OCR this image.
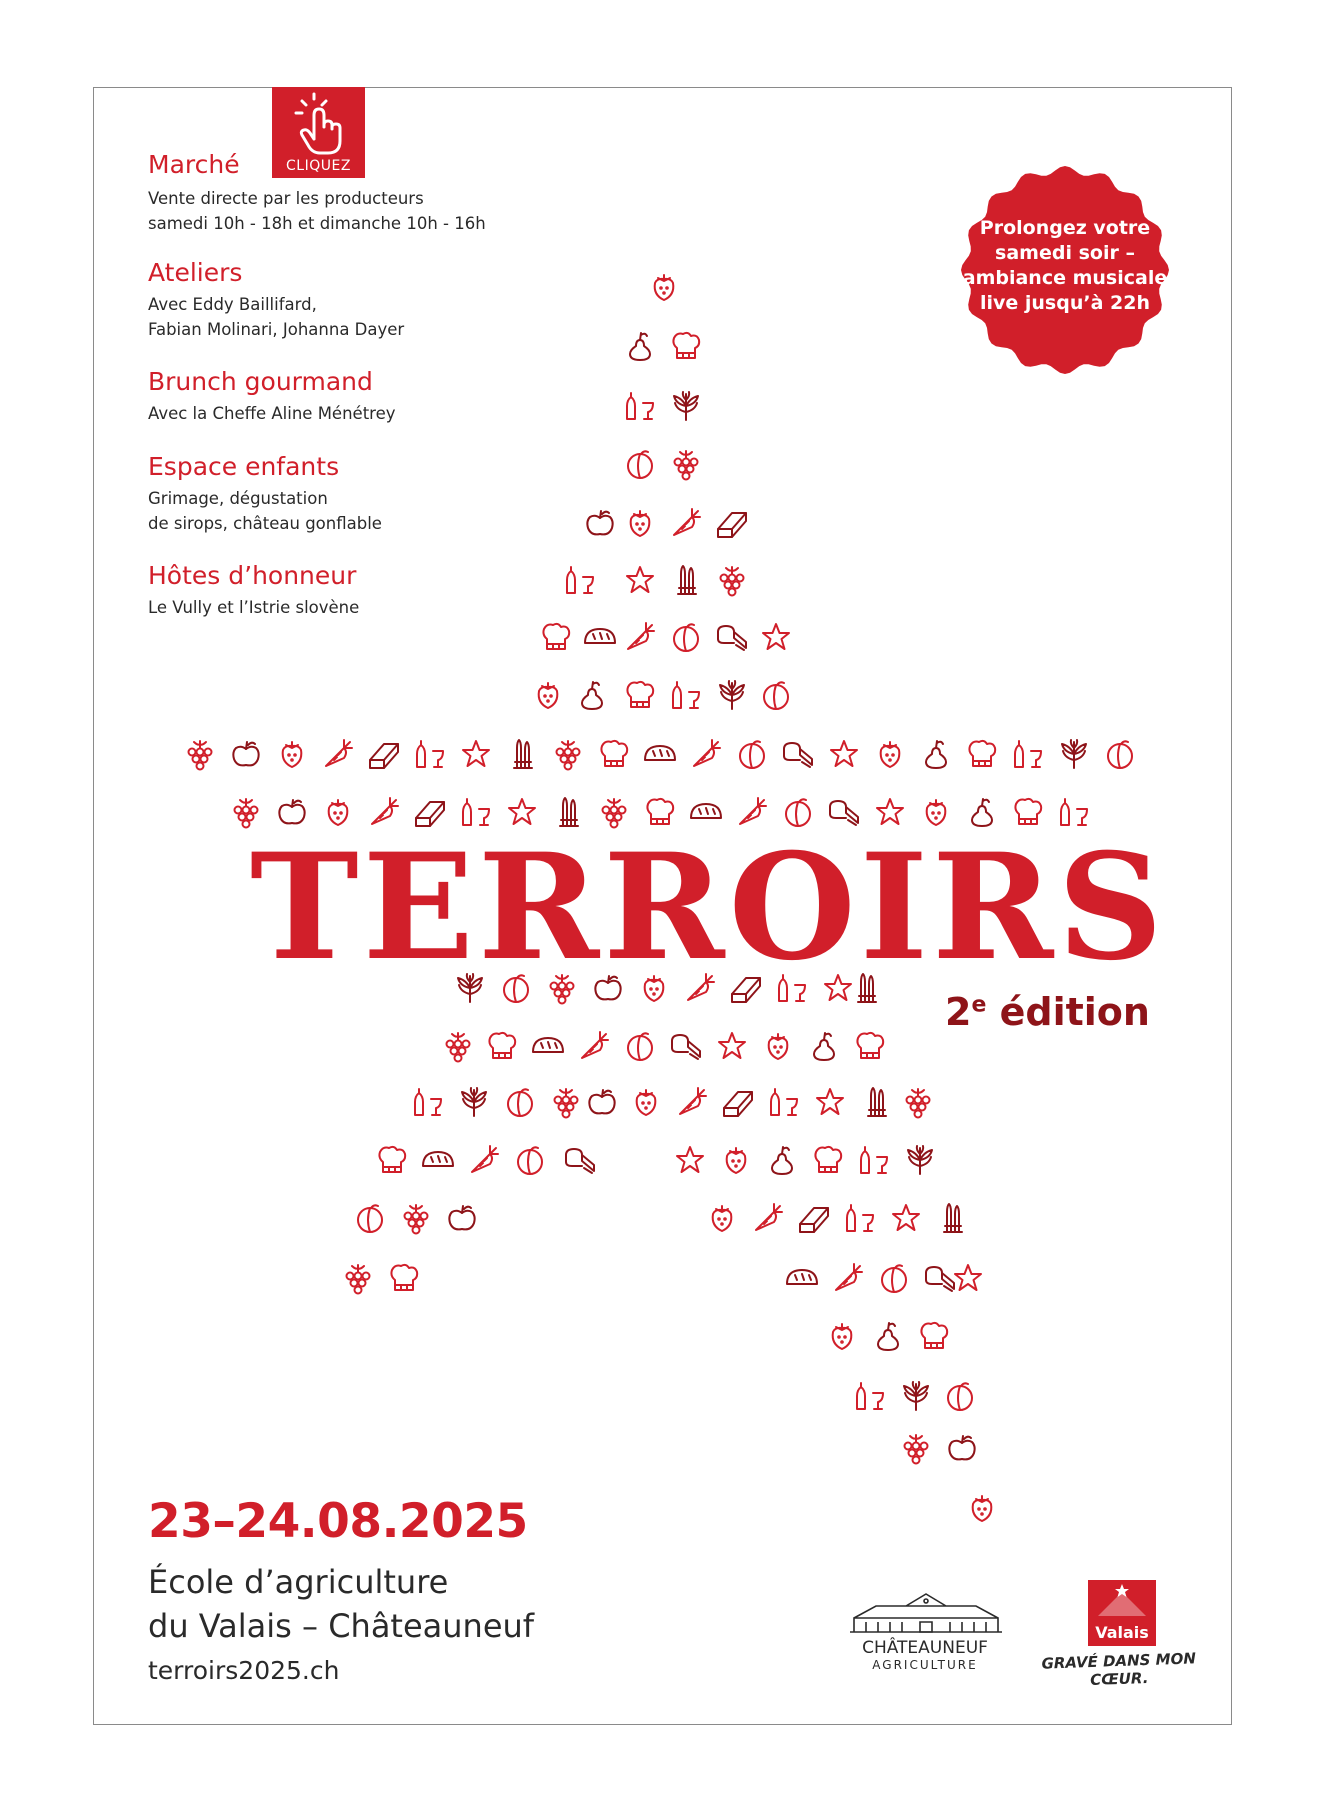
Marché

Vente directe par les producteurs

samedi 10h - 18h et dimanche 10h - 16h

Ateliers

Avec Eddy Baillifard,

Fabian Molinari, Johanna Dayer

Brunch gourmand

Avec la Cheffe Aline Ménétrey

Espace enfants

Grimage, dégustation

de sirops, château gonflable

Hôtes d’honneur

Le Vully et l’Istrie slovène

CLIQUEZ
Prolongez votre
samedi soir –
ambiance musicale
live jusqu’à 22h
TERROIRS
2e édition
23–24.08.2025
École d’agriculture
du Valais – Châteauneuf
terroirs2025.ch
CHÂTEAUNEUF
AGRICULTURE
Valais
GRAVÉ DANS MON CŒUR.
